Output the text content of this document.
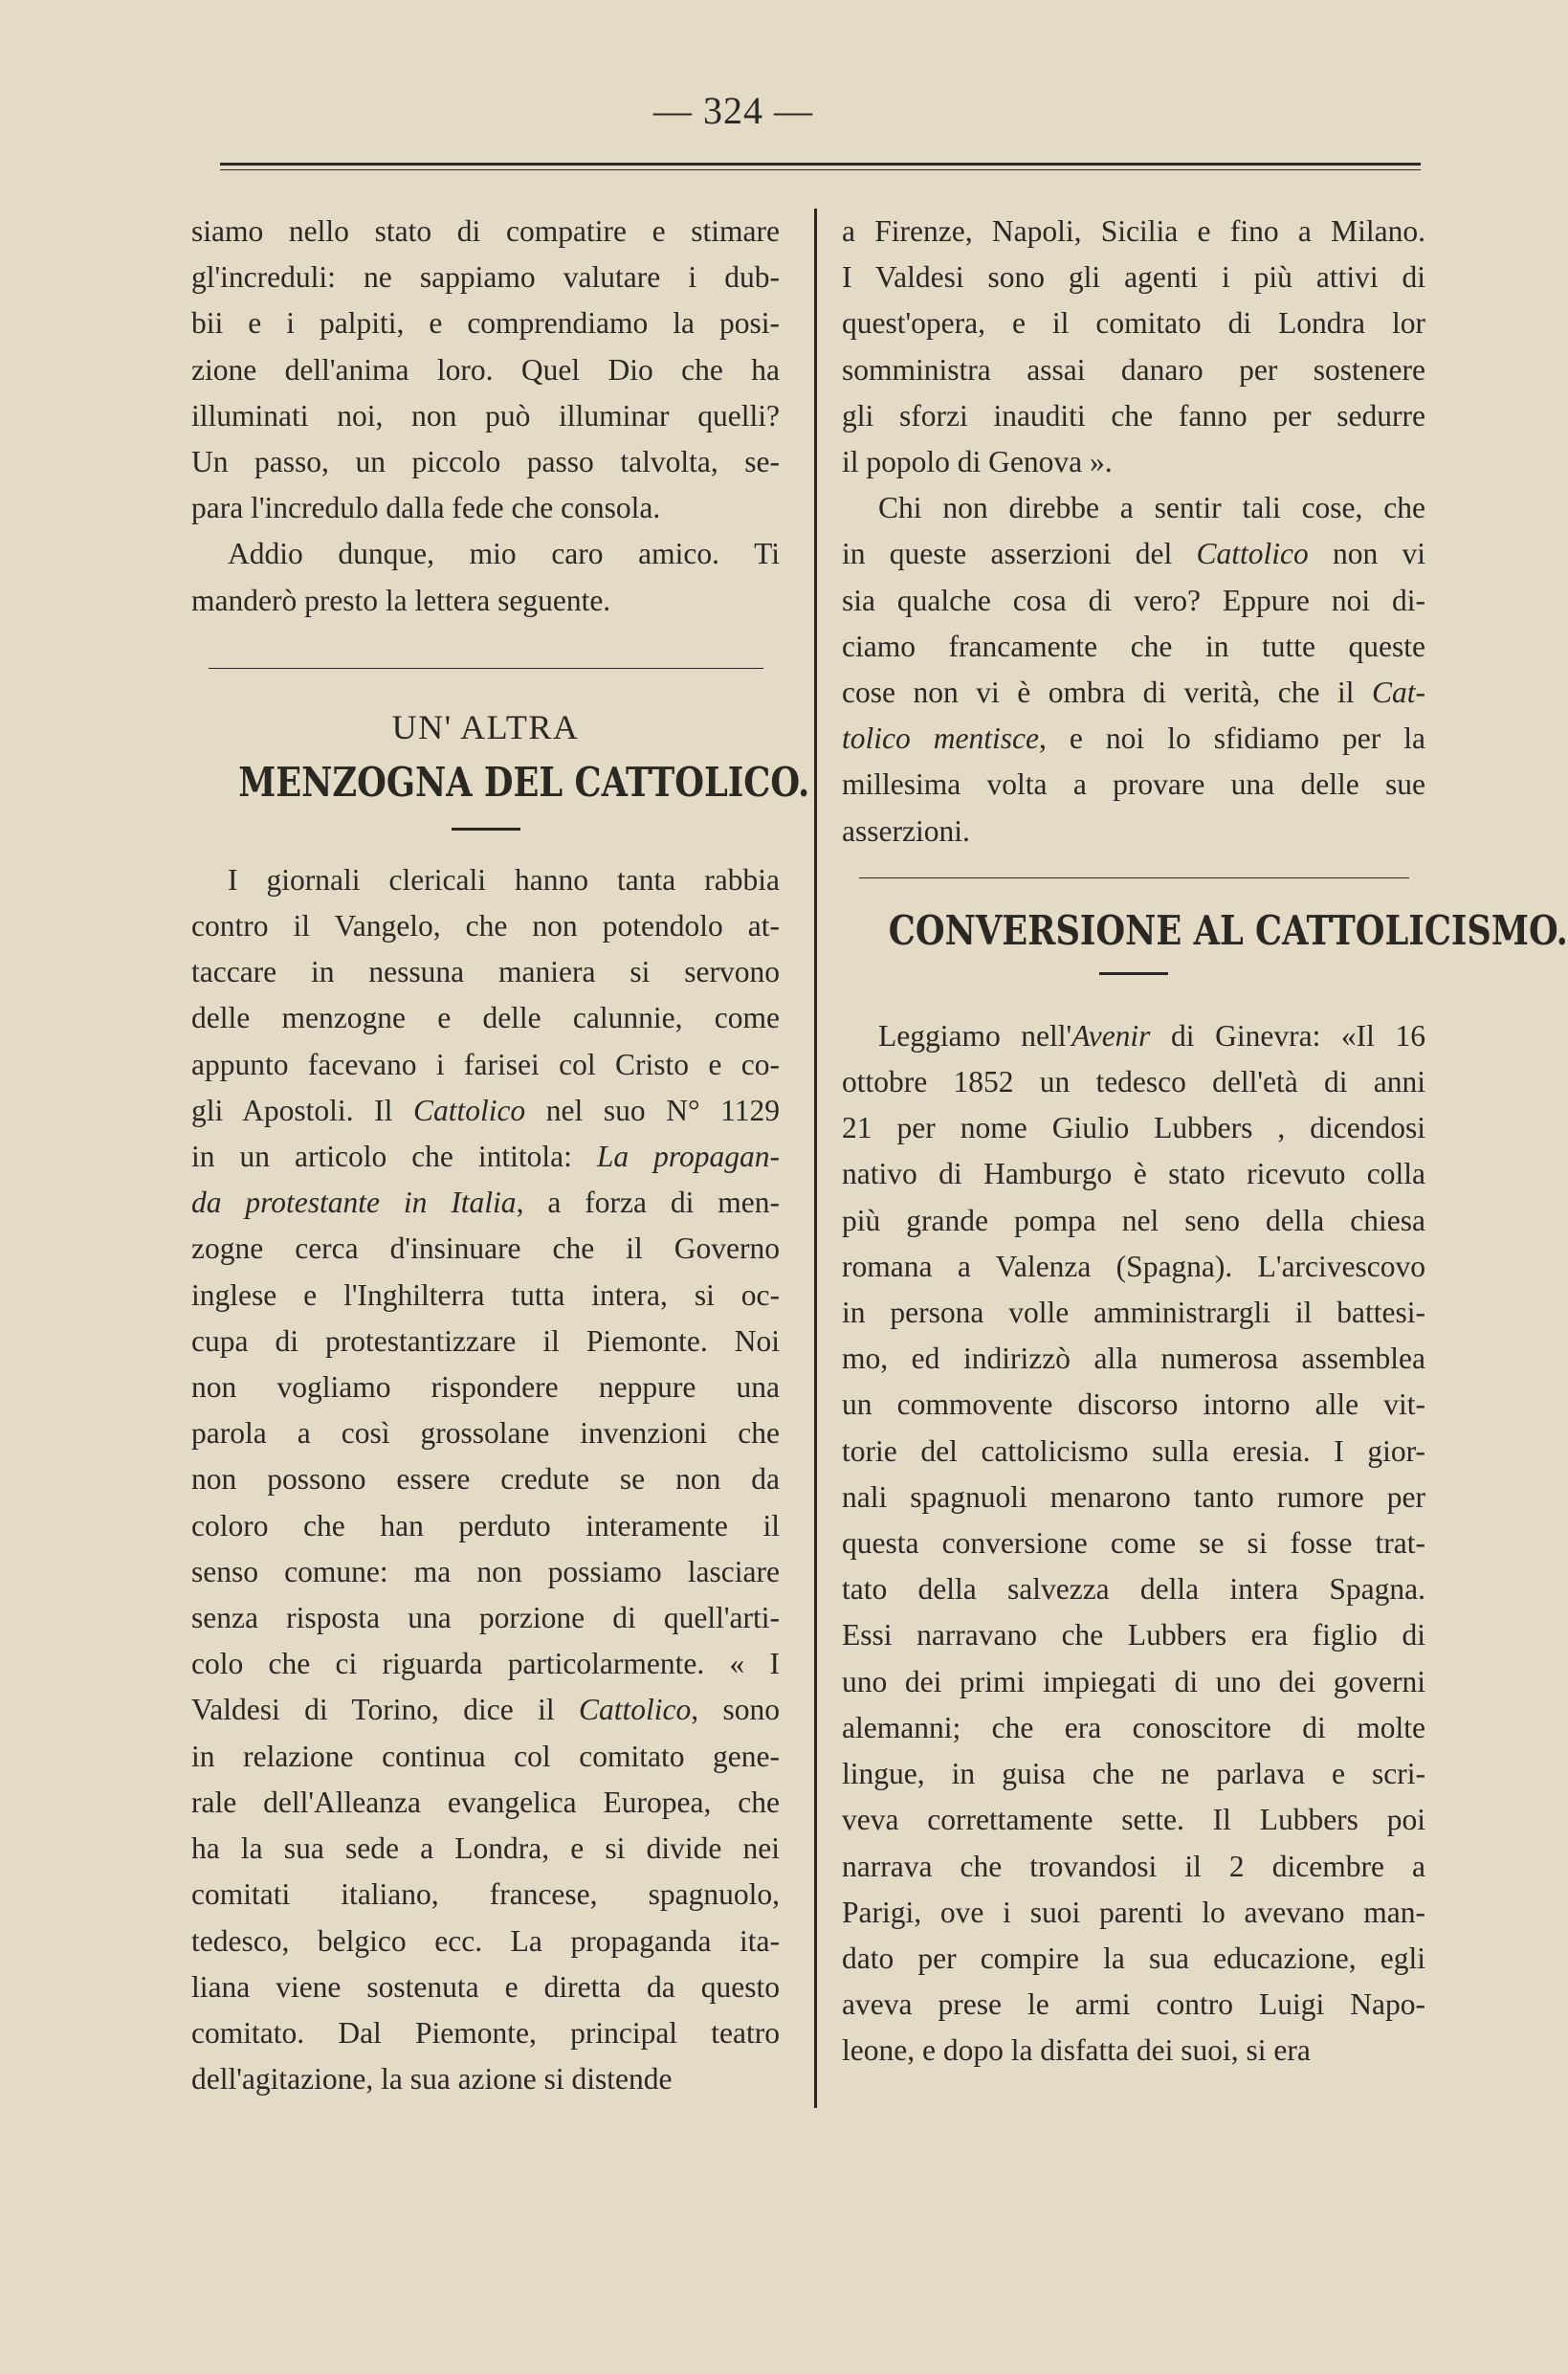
— 324 —

siamo nello stato di compatire e stimare
gl'increduli: ne sappiamo valutare i dub-
bii e i palpiti, e comprendiamo la posi-
zione dell'anima loro. Quel Dio che ha
illuminati noi, non può illuminar quelli?
Un passo, un piccolo passo talvolta, se-
para l'incredulo dalla fede che consola.

Addio dunque, mio caro amico. Ti
manderò presto la lettera seguente.

UN' ALTRA
MENZOGNA DEL CATTOLICO.

I giornali clericali hanno tanta rabbia
contro il Vangelo, che non potendolo at-
taccare in nessuna maniera si servono
delle menzogne e delle calunnie, come
appunto facevano i farisei col Cristo e co-
gli Apostoli. Il Cattolico nel suo N° 1129
in un articolo che intitola: La propagan-
da protestante in Italia, a forza di men-
zogne cerca d'insinuare che il Governo
inglese e l'Inghilterra tutta intera, si oc-
cupa di protestantizzare il Piemonte. Noi
non vogliamo rispondere neppure una
parola a così grossolane invenzioni che
non possono essere credute se non da
coloro che han perduto interamente il
senso comune: ma non possiamo lasciare
senza risposta una porzione di quell'arti-
colo che ci riguarda particolarmente. « I
Valdesi di Torino, dice il Cattolico, sono
in relazione continua col comitato gene-
rale dell'Alleanza evangelica Europea, che
ha la sua sede a Londra, e si divide nei
comitati italiano, francese, spagnuolo,
tedesco, belgico ecc. La propaganda ita-
liana viene sostenuta e diretta da questo
comitato. Dal Piemonte, principal teatro
dell'agitazione, la sua azione si distende

a Firenze, Napoli, Sicilia e fino a Milano.
I Valdesi sono gli agenti i più attivi di
quest'opera, e il comitato di Londra lor
somministra assai danaro per sostenere
gli sforzi inauditi che fanno per sedurre
il popolo di Genova ».

Chi non direbbe a sentir tali cose, che
in queste asserzioni del Cattolico non vi
sia qualche cosa di vero? Eppure noi di-
ciamo francamente che in tutte queste
cose non vi è ombra di verità, che il Cat-
tolico mentisce, e noi lo sfidiamo per la
millesima volta a provare una delle sue
asserzioni.

CONVERSIONE AL CATTOLICISMO.

Leggiamo nell'Avenir di Ginevra: «Il 16
ottobre 1852 un tedesco dell'età di anni
21 per nome Giulio Lubbers , dicendosi
nativo di Hamburgo è stato ricevuto colla
più grande pompa nel seno della chiesa
romana a Valenza (Spagna). L'arcivescovo
in persona volle amministrargli il battesi-
mo, ed indirizzò alla numerosa assemblea
un commovente discorso intorno alle vit-
torie del cattolicismo sulla eresia. I gior-
nali spagnuoli menarono tanto rumore per
questa conversione come se si fosse trat-
tato della salvezza della intera Spagna.
Essi narravano che Lubbers era figlio di
uno dei primi impiegati di uno dei governi
alemanni; che era conoscitore di molte
lingue, in guisa che ne parlava e scri-
veva correttamente sette. Il Lubbers poi
narrava che trovandosi il 2 dicembre a
Parigi, ove i suoi parenti lo avevano man-
dato per compire la sua educazione, egli
aveva prese le armi contro Luigi Napo-
leone, e dopo la disfatta dei suoi, si era
